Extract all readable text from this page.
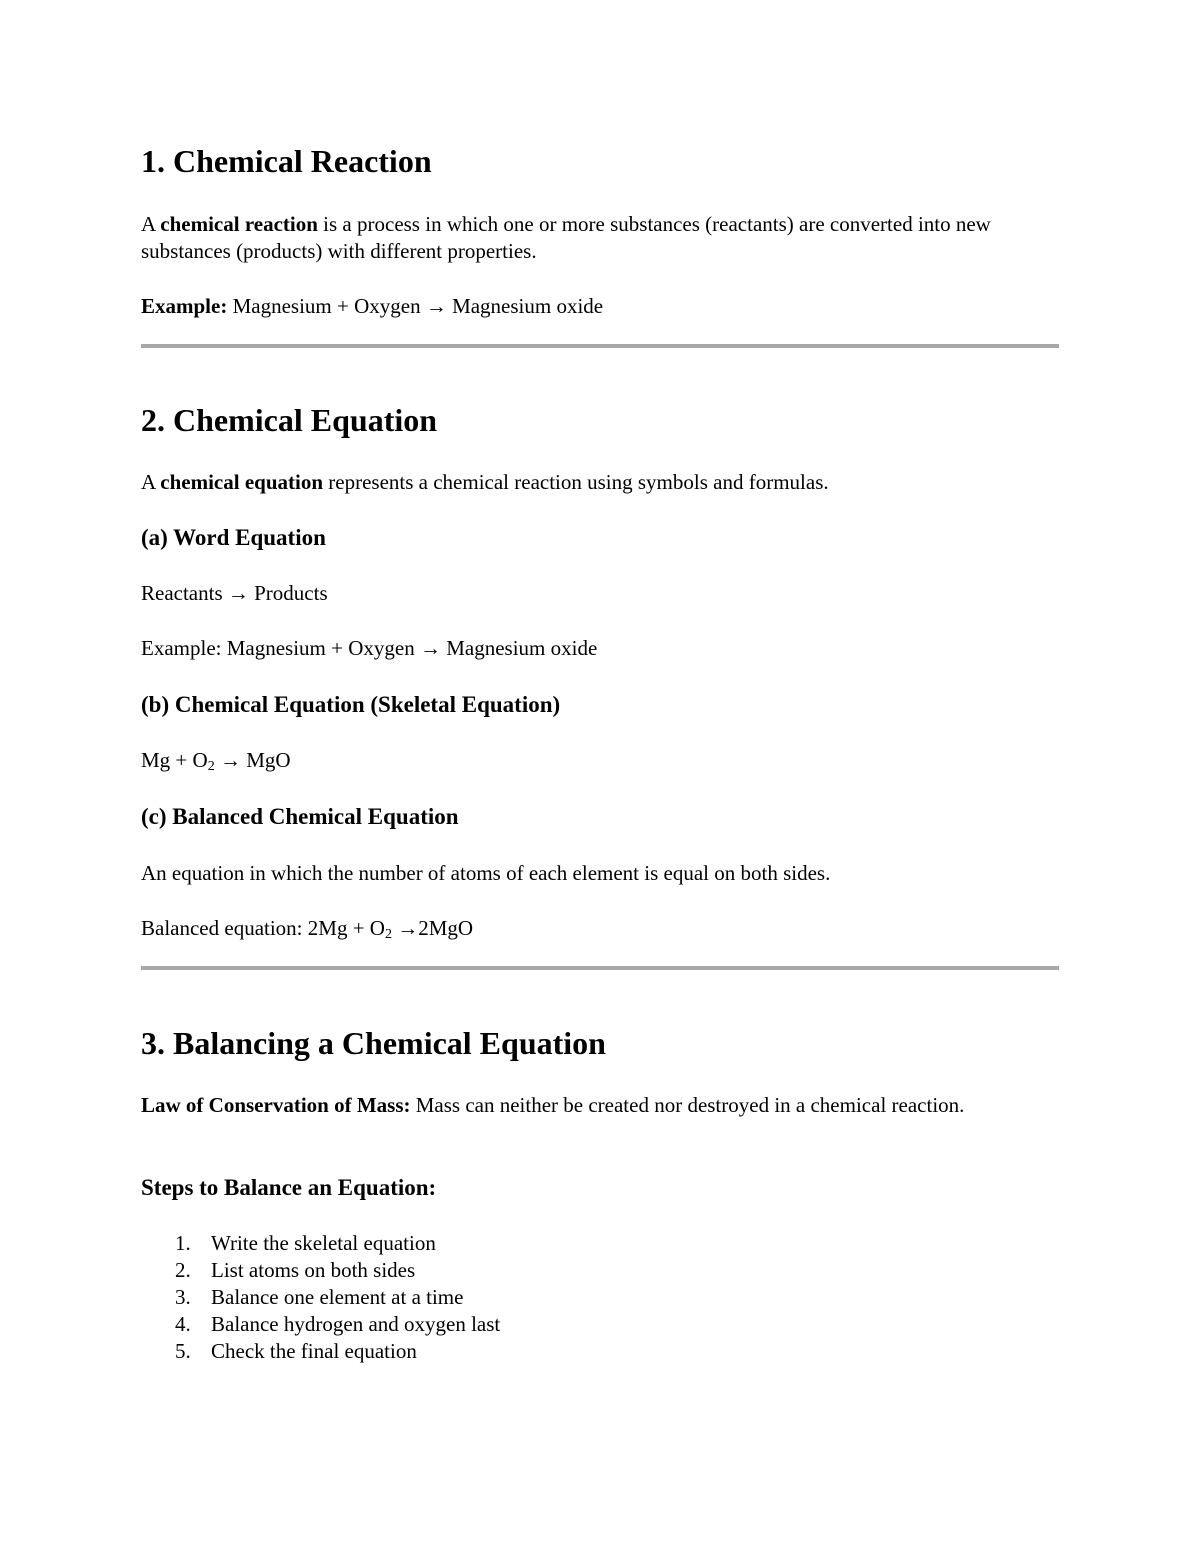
1. Chemical Reaction

A chemical reaction is a process in which one or more substances (reactants) are converted into new substances (products) with different properties.

Example: Magnesium + Oxygen → Magnesium oxide

2. Chemical Equation

A chemical equation represents a chemical reaction using symbols and formulas.

(a) Word Equation

Reactants → Products

Example: Magnesium + Oxygen → Magnesium oxide

(b) Chemical Equation (Skeletal Equation)

$Mg + O_2$ → MgO

(c) Balanced Chemical Equation

An equation in which the number of atoms of each element is equal on both sides.

Balanced equation: $2Mg + O_2 \to 2MgO$

3. Balancing a Chemical Equation

Law of Conservation of Mass: Mass can neither be created nor destroyed in a chemical reaction.

Steps to Balance an Equation:
1. Write the skeletal equation
2. List atoms on both sides
3. Balance one element at a time
4. Balance hydrogen and oxygen last
5. Check the final equation
